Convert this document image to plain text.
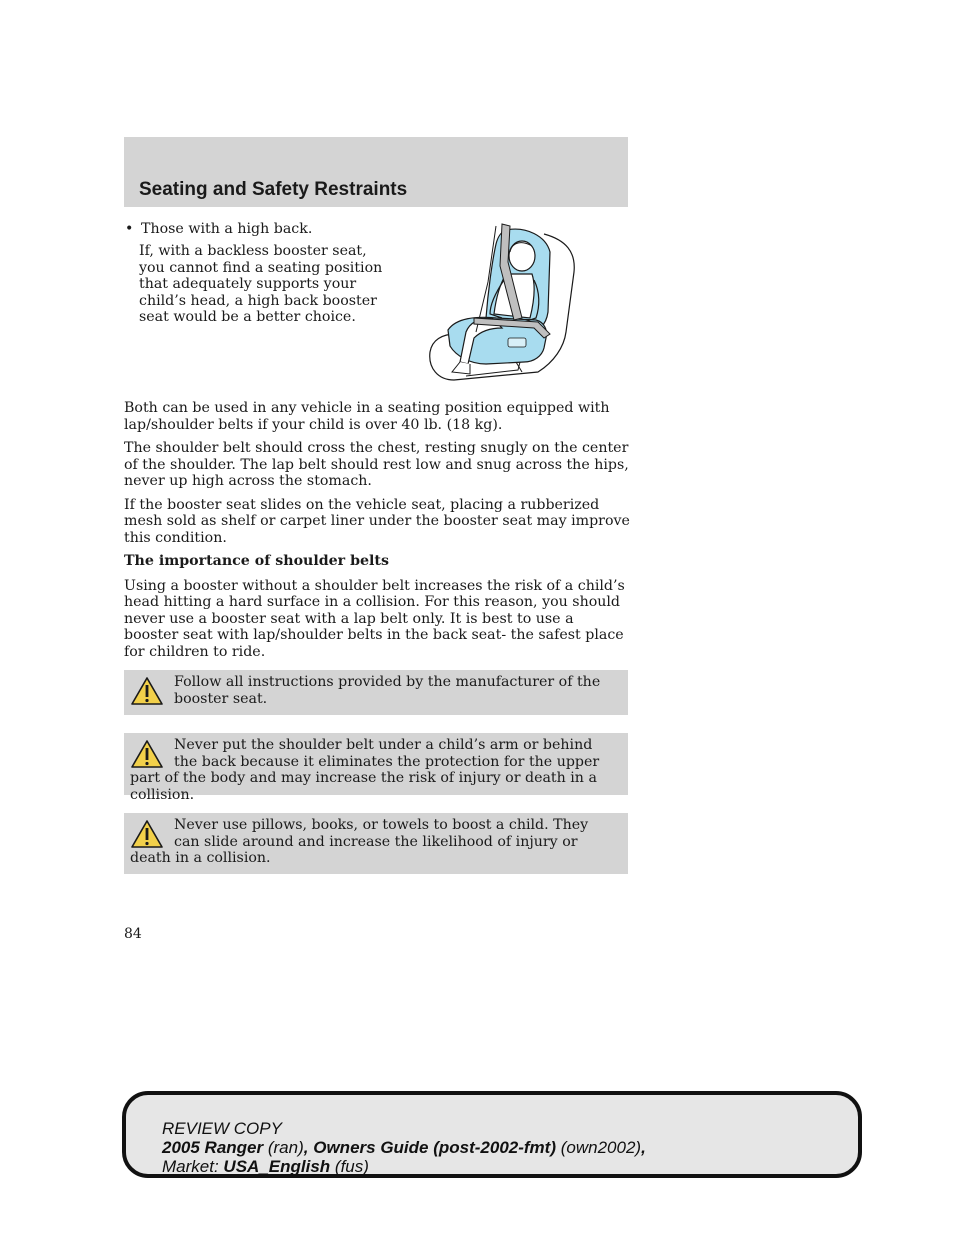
Seating and Safety Restraints
• Those with a high back.

If, with a backless booster seat, you cannot find a seating position that adequately supports your child’s head, a high back booster seat would be a better choice.

Both can be used in any vehicle in a seating position equipped with lap/shoulder belts if your child is over 40 lb. (18 kg).

The shoulder belt should cross the chest, resting snugly on the center of the shoulder. The lap belt should rest low and snug across the hips, never up high across the stomach.

If the booster seat slides on the vehicle seat, placing a rubberized mesh sold as shelf or carpet liner under the booster seat may improve this condition.

The importance of shoulder belts

Using a booster without a shoulder belt increases the risk of a child’s head hitting a hard surface in a collision. For this reason, you should never use a booster seat with a lap belt only. It is best to use a booster seat with lap/shoulder belts in the back seat- the safest place for children to ride.

Follow all instructions provided by the manufacturer of the booster seat.

Never put the shoulder belt under a child’s arm or behind the back because it eliminates the protection for the upper part of the body and may increase the risk of injury or death in a collision.

Never use pillows, books, or towels to boost a child. They can slide around and increase the likelihood of injury or death in a collision.

84
REVIEW COPY
2005 Ranger (ran), Owners Guide (post-2002-fmt) (own2002),
Market: USA_English (fus)
